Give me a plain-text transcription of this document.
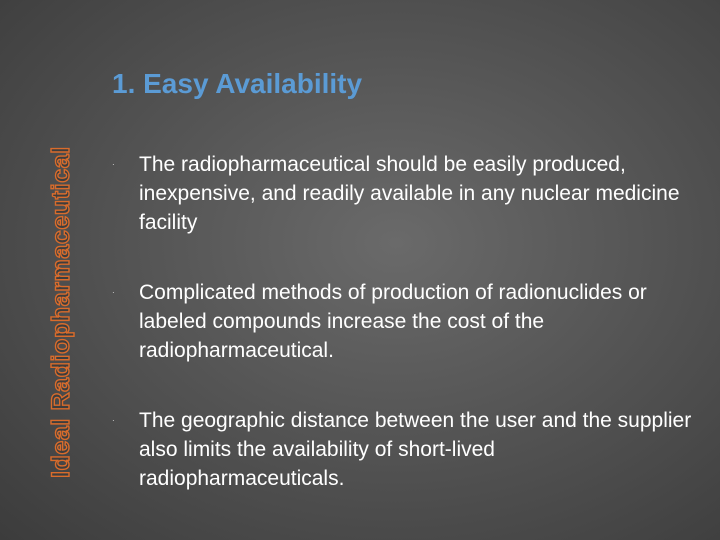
Ideal Radiopharmaceutical
1. Easy Availability
·	The radiopharmaceutical should be easily produced, inexpensive, and readily available in any nuclear medicine facility
·	Complicated methods of production of radionuclides or labeled compounds increase the cost of the radiopharmaceutical.
·	The geographic distance between the user and the supplier also limits the availability of short-lived radiopharmaceuticals.
